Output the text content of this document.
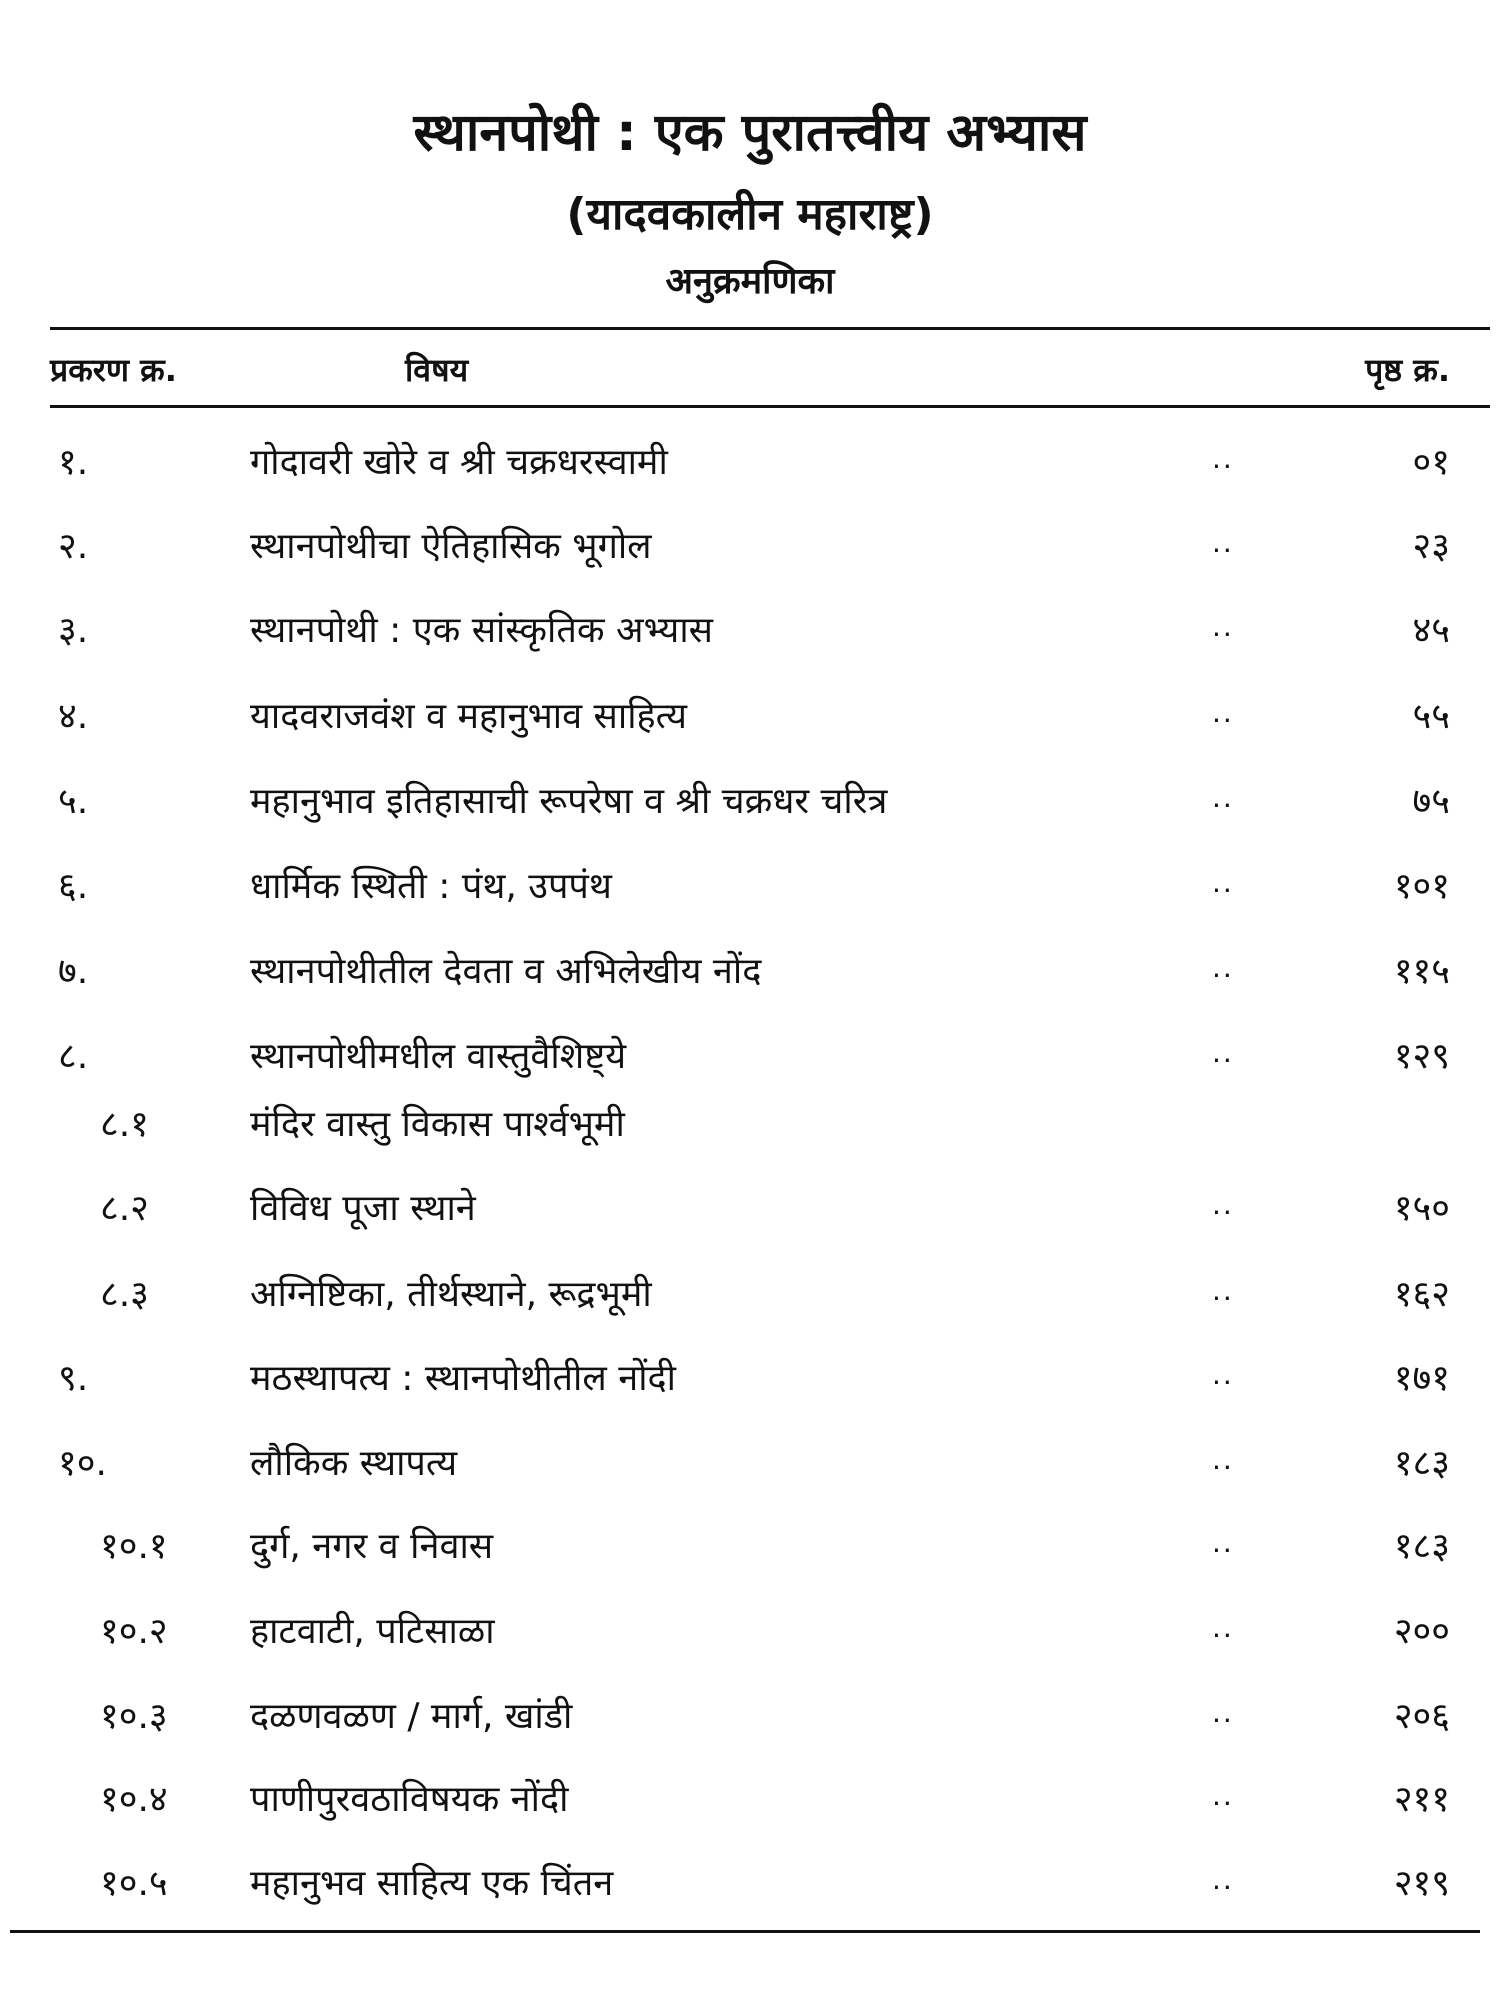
स्थानपोथी : एक पुरातत्त्वीय अभ्यास
(यादवकालीन महाराष्ट्र)
अनुक्रमणिका
प्रकरण क्र.	विषय	पृष्ठ क्र.
१.	गोदावरी खोरे व श्री चक्रधरस्वामी	..	०१
२.	स्थानपोथीचा ऐतिहासिक भूगोल	..	२३
३.	स्थानपोथी : एक सांस्कृतिक अभ्यास	..	४५
४.	यादवराजवंश व महानुभाव साहित्य	..	५५
५.	महानुभाव इतिहासाची रूपरेषा व श्री चक्रधर चरित्र	..	७५
६.	धार्मिक स्थिती : पंथ, उपपंथ	..	१०१
७.	स्थानपोथीतील देवता व अभिलेखीय नोंद	..	११५
८.	स्थानपोथीमधील वास्तुवैशिष्ट्ये	..	१२९
८.१	मंदिर वास्तु विकास पार्श्वभूमी
८.२	विविध पूजा स्थाने	..	१५०
८.३	अग्निष्टिका, तीर्थस्थाने, रूद्रभूमी	..	१६२
९.	मठस्थापत्य : स्थानपोथीतील नोंदी	..	१७१
१०.	लौकिक स्थापत्य	..	१८३
१०.१ दुर्ग, नगर व निवास	..	१८३
१०.२ हाटवाटी, पटिसाळा	..	२००
१०.३ दळणवळण / मार्ग, खांडी	..	२०६
१०.४ पाणीपुरवठाविषयक नोंदी	..	२११
१०.५ महानुभव साहित्य एक चिंतन	..	२१९
